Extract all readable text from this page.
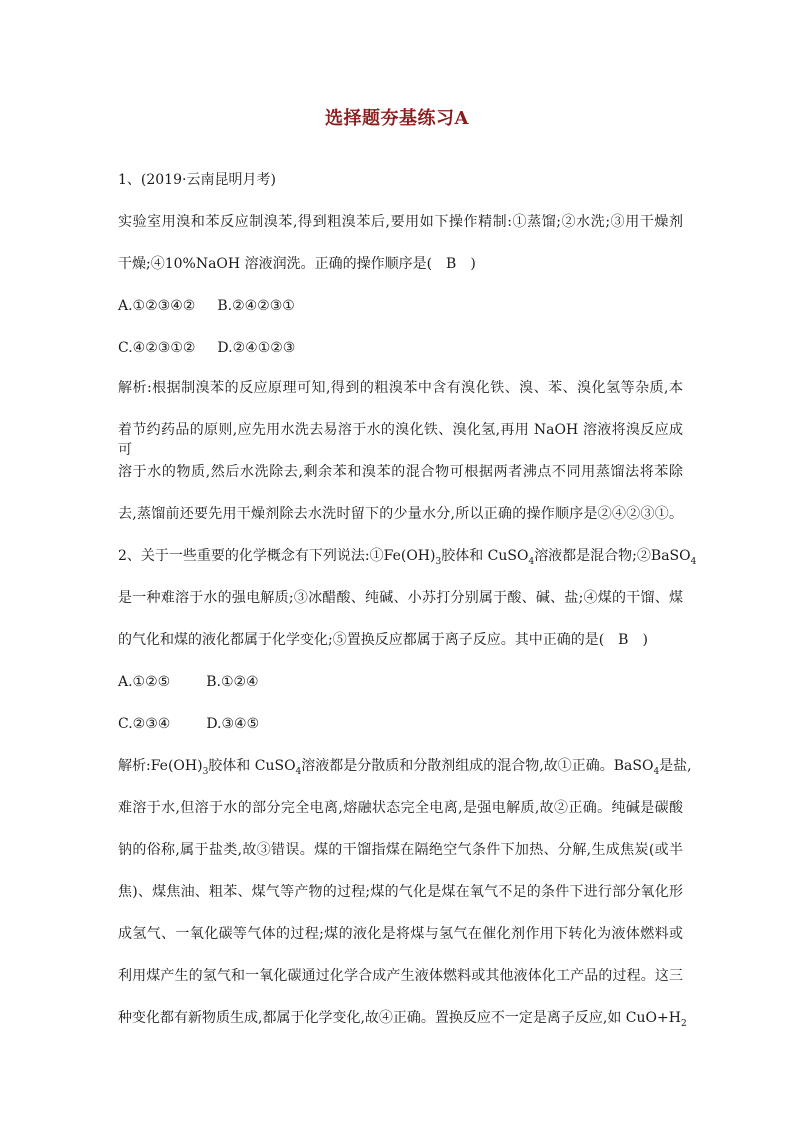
选择题夯基练习A
1、(2019·云南昆明月考)
实验室用溴和苯反应制溴苯,得到粗溴苯后,要用如下操作精制:①蒸馏;②水洗;③用干燥剂
干燥;④10%NaOH 溶液润洗。正确的操作顺序是(　B　)
A.①②③④② B.②④②③①
C.④②③①② D.②④①②③
解析:根据制溴苯的反应原理可知,得到的粗溴苯中含有溴化铁、溴、苯、溴化氢等杂质,本
着节约药品的原则,应先用水洗去易溶于水的溴化铁、溴化氢,再用 NaOH 溶液将溴反应成可
溶于水的物质,然后水洗除去,剩余苯和溴苯的混合物可根据两者沸点不同用蒸馏法将苯除
去,蒸馏前还要先用干燥剂除去水洗时留下的少量水分,所以正确的操作顺序是②④②③①。
2、关于一些重要的化学概念有下列说法$:①Fe(OH)_3$胶体和 CuSO$_4$溶液都是混合物;②BaSO$_4$
是一种难溶于水的强电解质;③冰醋酸、纯碱、小苏打分别属于酸、碱、盐;④煤的干馏、煤
的气化和煤的液化都属于化学变化;⑤置换反应都属于离子反应。其中正确的是(　B　)
A.①②⑤	B.①②④
C.②③④	D.③④⑤
解析$:Fe(OH)_3$胶体和 CuSO$_4$溶液都是分散质和分散剂组成的混合物,故①正确。BaSO$_4$是盐,
难溶于水,但溶于水的部分完全电离,熔融状态完全电离,是强电解质,故②正确。纯碱是碳酸
钠的俗称,属于盐类,故③错误。煤的干馏指煤在隔绝空气条件下加热、分解,生成焦炭(或半
焦)、煤焦油、粗苯、煤气等产物的过程;煤的气化是煤在氧气不足的条件下进行部分氧化形
成氢气、一氧化碳等气体的过程;煤的液化是将煤与氢气在催化剂作用下转化为液体燃料或
利用煤产生的氢气和一氧化碳通过化学合成产生液体燃料或其他液体化工产品的过程。这三
种变化都有新物质生成,都属于化学变化,故④正确。置换反应不一定是离子反应,如 $CuO+H_2$
